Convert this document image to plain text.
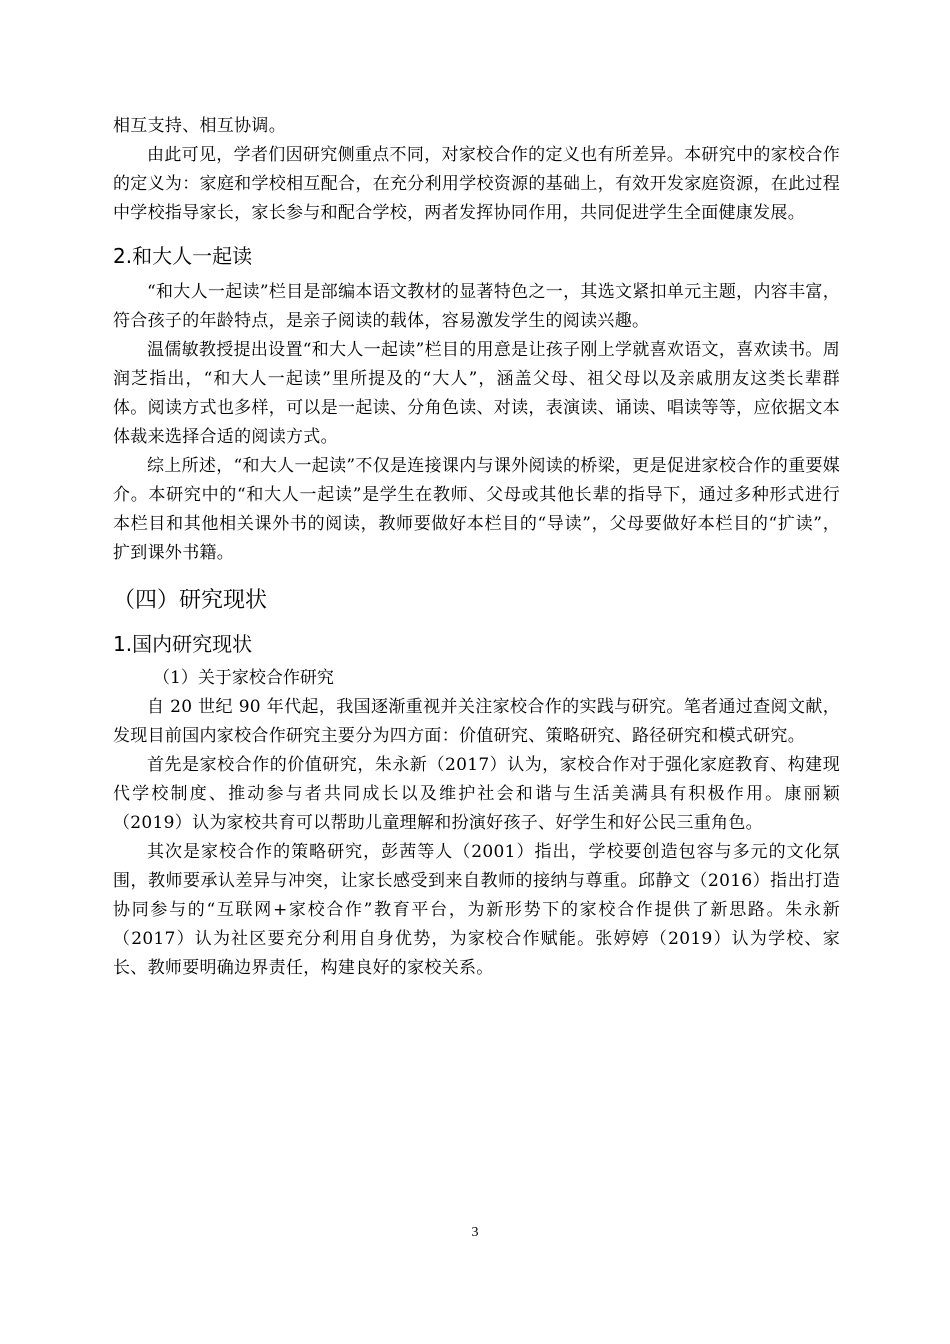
相互支持、相互协调。

由此可见，学者们因研究侧重点不同，对家校合作的定义也有所差异。本研究中的家校合作的定义为：家庭和学校相互配合，在充分利用学校资源的基础上，有效开发家庭资源，在此过程中学校指导家长，家长参与和配合学校，两者发挥协同作用，共同促进学生全面健康发展。

2.和大人一起读

“和大人一起读”栏目是部编本语文教材的显著特色之一，其选文紧扣单元主题，内容丰富，符合孩子的年龄特点，是亲子阅读的载体，容易激发学生的阅读兴趣。

温儒敏教授提出设置“和大人一起读”栏目的用意是让孩子刚上学就喜欢语文，喜欢读书。周润芝指出，“和大人一起读”里所提及的“大人”，涵盖父母、祖父母以及亲戚朋友这类长辈群体。阅读方式也多样，可以是一起读、分角色读、对读，表演读、诵读、唱读等等，应依据文本体裁来选择合适的阅读方式。

综上所述，“和大人一起读”不仅是连接课内与课外阅读的桥梁，更是促进家校合作的重要媒介。本研究中的“和大人一起读”是学生在教师、父母或其他长辈的指导下，通过多种形式进行本栏目和其他相关课外书的阅读，教师要做好本栏目的“导读”，父母要做好本栏目的“扩读”，扩到课外书籍。

（四）研究现状
1.国内研究现状

（1）关于家校合作研究

自 20 世纪 90 年代起，我国逐渐重视并关注家校合作的实践与研究。笔者通过查阅文献，发现目前国内家校合作研究主要分为四方面：价值研究、策略研究、路径研究和模式研究。

首先是家校合作的价值研究，朱永新（2017）认为，家校合作对于强化家庭教育、构建现代学校制度、推动参与者共同成长以及维护社会和谐与生活美满具有积极作用。康丽颖（2019）认为家校共育可以帮助儿童理解和扮演好孩子、好学生和好公民三重角色。

其次是家校合作的策略研究，彭茜等人（2001）指出，学校要创造包容与多元的文化氛围，教师要承认差异与冲突，让家长感受到来自教师的接纳与尊重。邱静文（2016）指出打造协同参与的“互联网+家校合作”教育平台，为新形势下的家校合作提供了新思路。朱永新（2017）认为社区要充分利用自身优势，为家校合作赋能。张婷婷（2019）认为学校、家长、教师要明确边界责任，构建良好的家校关系。

3
